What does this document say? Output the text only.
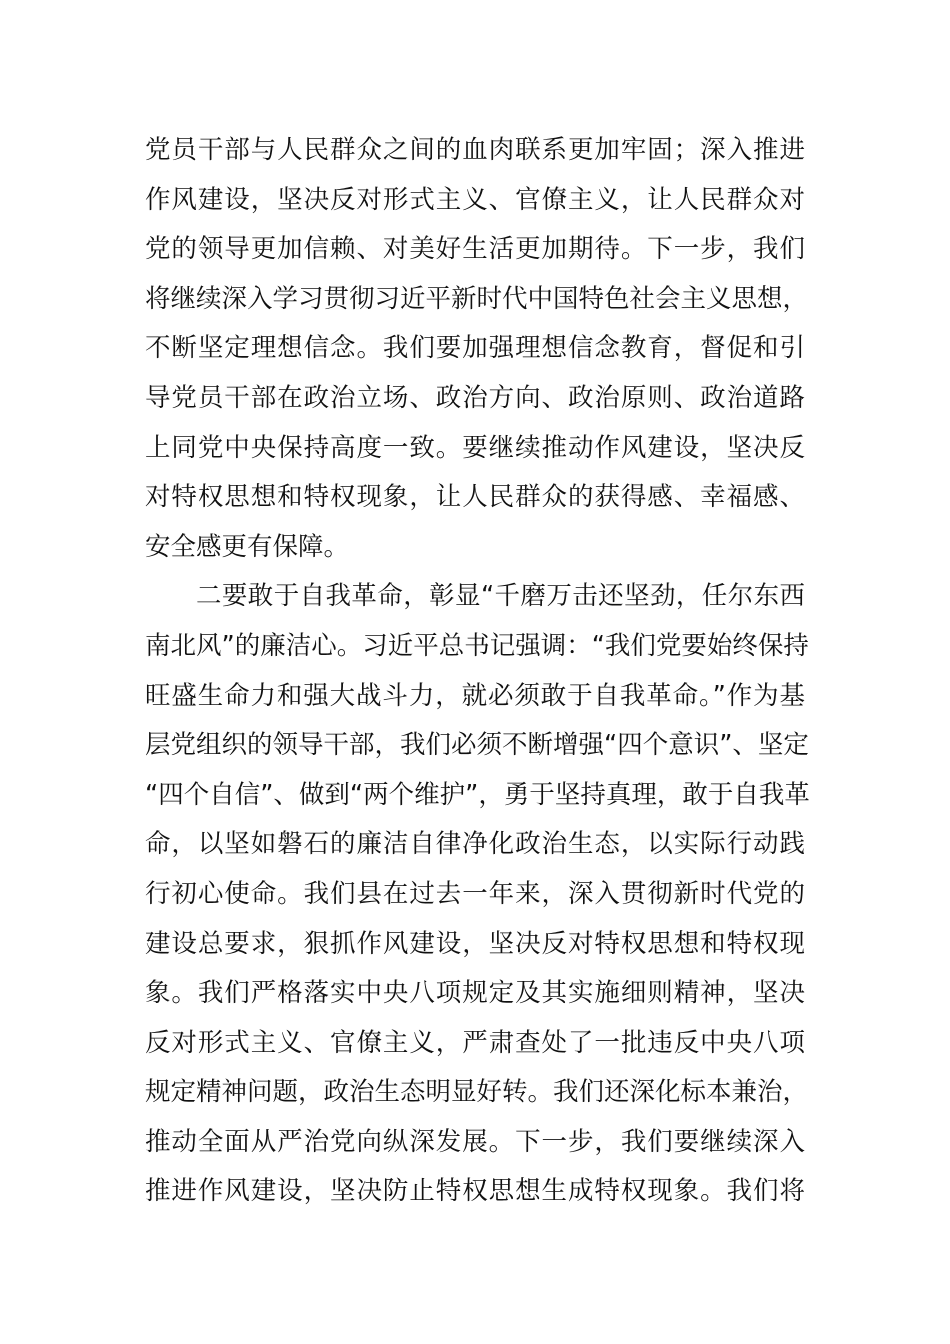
党员干部与人民群众之间的血肉联系更加牢固；深入推进
作风建设，坚决反对形式主义、官僚主义，让人民群众对
党的领导更加信赖、对美好生活更加期待。下一步，我们
将继续深入学习贯彻习近平新时代中国特色社会主义思想，
不断坚定理想信念。我们要加强理想信念教育，督促和引
导党员干部在政治立场、政治方向、政治原则、政治道路
上同党中央保持高度一致。要继续推动作风建设，坚决反
对特权思想和特权现象，让人民群众的获得感、幸福感、
安全感更有保障。
二要敢于自我革命，彰显“千磨万击还坚劲，任尔东西
南北风”的廉洁心。习近平总书记强调：“我们党要始终保持
旺盛生命力和强大战斗力，就必须敢于自我革命。”作为基
层党组织的领导干部，我们必须不断增强“四个意识”、坚定
“四个自信”、做到“两个维护”，勇于坚持真理，敢于自我革
命，以坚如磐石的廉洁自律净化政治生态，以实际行动践
行初心使命。我们县在过去一年来，深入贯彻新时代党的
建设总要求，狠抓作风建设，坚决反对特权思想和特权现
象。我们严格落实中央八项规定及其实施细则精神，坚决
反对形式主义、官僚主义，严肃查处了一批违反中央八项
规定精神问题，政治生态明显好转。我们还深化标本兼治，
推动全面从严治党向纵深发展。下一步，我们要继续深入
推进作风建设，坚决防止特权思想生成特权现象。我们将
